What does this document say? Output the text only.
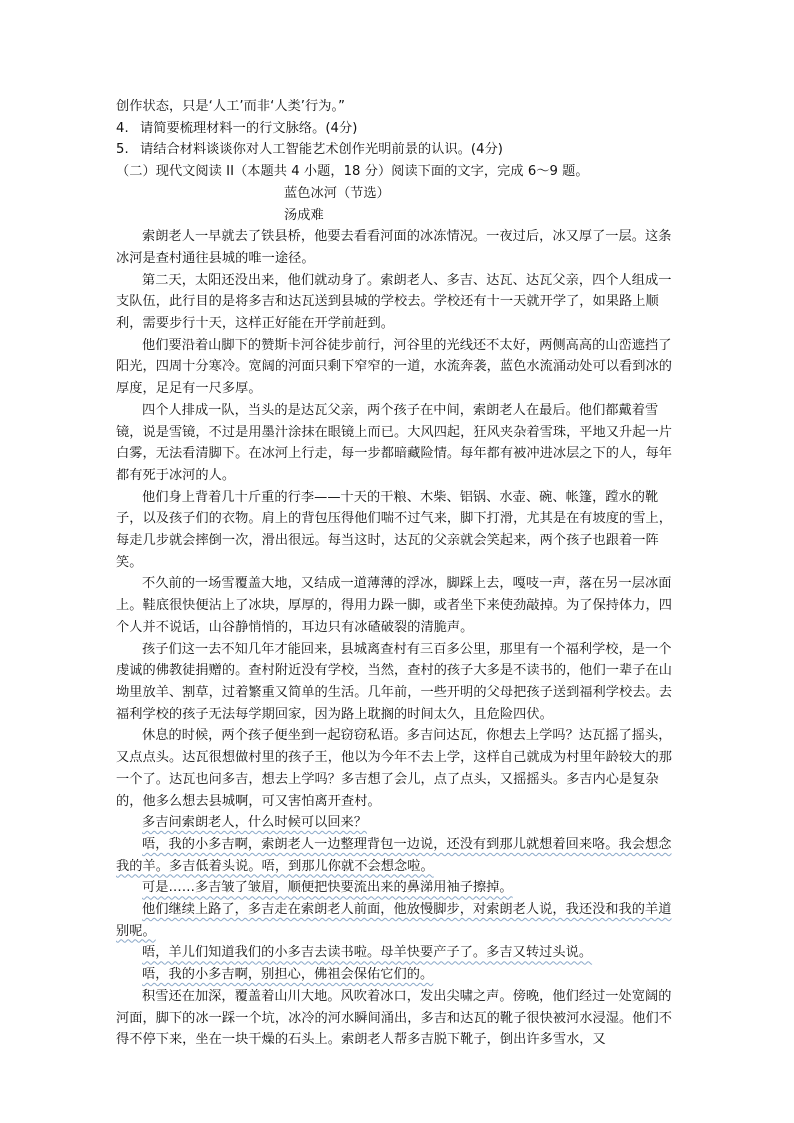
创作状态，只是‘人工’而非‘人类’行为。”

4. 请简要梳理材料一的行文脉络。(4分)

5. 请结合材料谈谈你对人工智能艺术创作光明前景的认识。(4分)

（二）现代文阅读 II（本题共 4 小题，18 分）阅读下面的文字，完成 6～9 题。

蓝色冰河（节选）

汤成难

索朗老人一早就去了铁县桥，他要去看看河面的冰冻情况。一夜过后，冰又厚了一层。这条冰河是查村通往县城的唯一途径。

第二天，太阳还没出来，他们就动身了。索朗老人、多吉、达瓦、达瓦父亲，四个人组成一支队伍，此行目的是将多吉和达瓦送到县城的学校去。学校还有十一天就开学了，如果路上顺利，需要步行十天，这样正好能在开学前赶到。

他们要沿着山脚下的赞斯卡河谷徒步前行，河谷里的光线还不太好，两侧高高的山峦遮挡了阳光，四周十分寒冷。宽阔的河面只剩下窄窄的一道，水流奔袭，蓝色水流涌动处可以看到冰的厚度，足足有一尺多厚。

四个人排成一队，当头的是达瓦父亲，两个孩子在中间，索朗老人在最后。他们都戴着雪镜，说是雪镜，不过是用墨汁涂抹在眼镜上而已。大风四起，狂风夹杂着雪珠，平地又升起一片白雾，无法看清脚下。在冰河上行走，每一步都暗藏险情。每年都有被冲进冰层之下的人，每年都有死于冰河的人。

他们身上背着几十斤重的行李——十天的干粮、木柴、铝锅、水壶、碗、帐篷，蹚水的靴子，以及孩子们的衣物。肩上的背包压得他们喘不过气来，脚下打滑，尤其是在有坡度的雪上，每走几步就会摔倒一次，滑出很远。每当这时，达瓦的父亲就会笑起来，两个孩子也跟着一阵笑。

不久前的一场雪覆盖大地，又结成一道薄薄的浮冰，脚踩上去，嘎吱一声，落在另一层冰面上。鞋底很快便沾上了冰块，厚厚的，得用力跺一脚，或者坐下来使劲敲掉。为了保持体力，四个人并不说话，山谷静悄悄的，耳边只有冰碴破裂的清脆声。

孩子们这一去不知几年才能回来，县城离查村有三百多公里，那里有一个福利学校，是一个虔诚的佛教徒捐赠的。查村附近没有学校，当然，查村的孩子大多是不读书的，他们一辈子在山坳里放羊、割草，过着繁重又简单的生活。几年前，一些开明的父母把孩子送到福利学校去。去福利学校的孩子无法每学期回家，因为路上耽搁的时间太久，且危险四伏。

休息的时候，两个孩子便坐到一起窃窃私语。多吉问达瓦，你想去上学吗？达瓦摇了摇头，又点点头。达瓦很想做村里的孩子王，他以为今年不去上学，这样自己就成为村里年龄较大的那一个了。达瓦也问多吉，想去上学吗？多吉想了会儿，点了点头，又摇摇头。多吉内心是复杂的，他多么想去县城啊，可又害怕离开查村。

多吉问索朗老人，什么时候可以回来？

唔，我的小多吉啊，索朗老人一边整理背包一边说，还没有到那儿就想着回来咯。我会想念我的羊。多吉低着头说。唔，到那儿你就不会想念啦。

可是……多吉皱了皱眉，顺便把快要流出来的鼻涕用袖子擦掉。

他们继续上路了，多吉走在索朗老人前面，他放慢脚步，对索朗老人说，我还没和我的羊道别呢。

唔，羊儿们知道我们的小多吉去读书啦。母羊快要产子了。多吉又转过头说。

唔，我的小多吉啊，别担心，佛祖会保佑它们的。

积雪还在加深，覆盖着山川大地。风吹着冰口，发出尖啸之声。傍晚，他们经过一处宽阔的河面，脚下的冰一踩一个坑，冰冷的河水瞬间涌出，多吉和达瓦的靴子很快被河水浸湿。他们不得不停下来，坐在一块干燥的石头上。索朗老人帮多吉脱下靴子，倒出许多雪水，又
